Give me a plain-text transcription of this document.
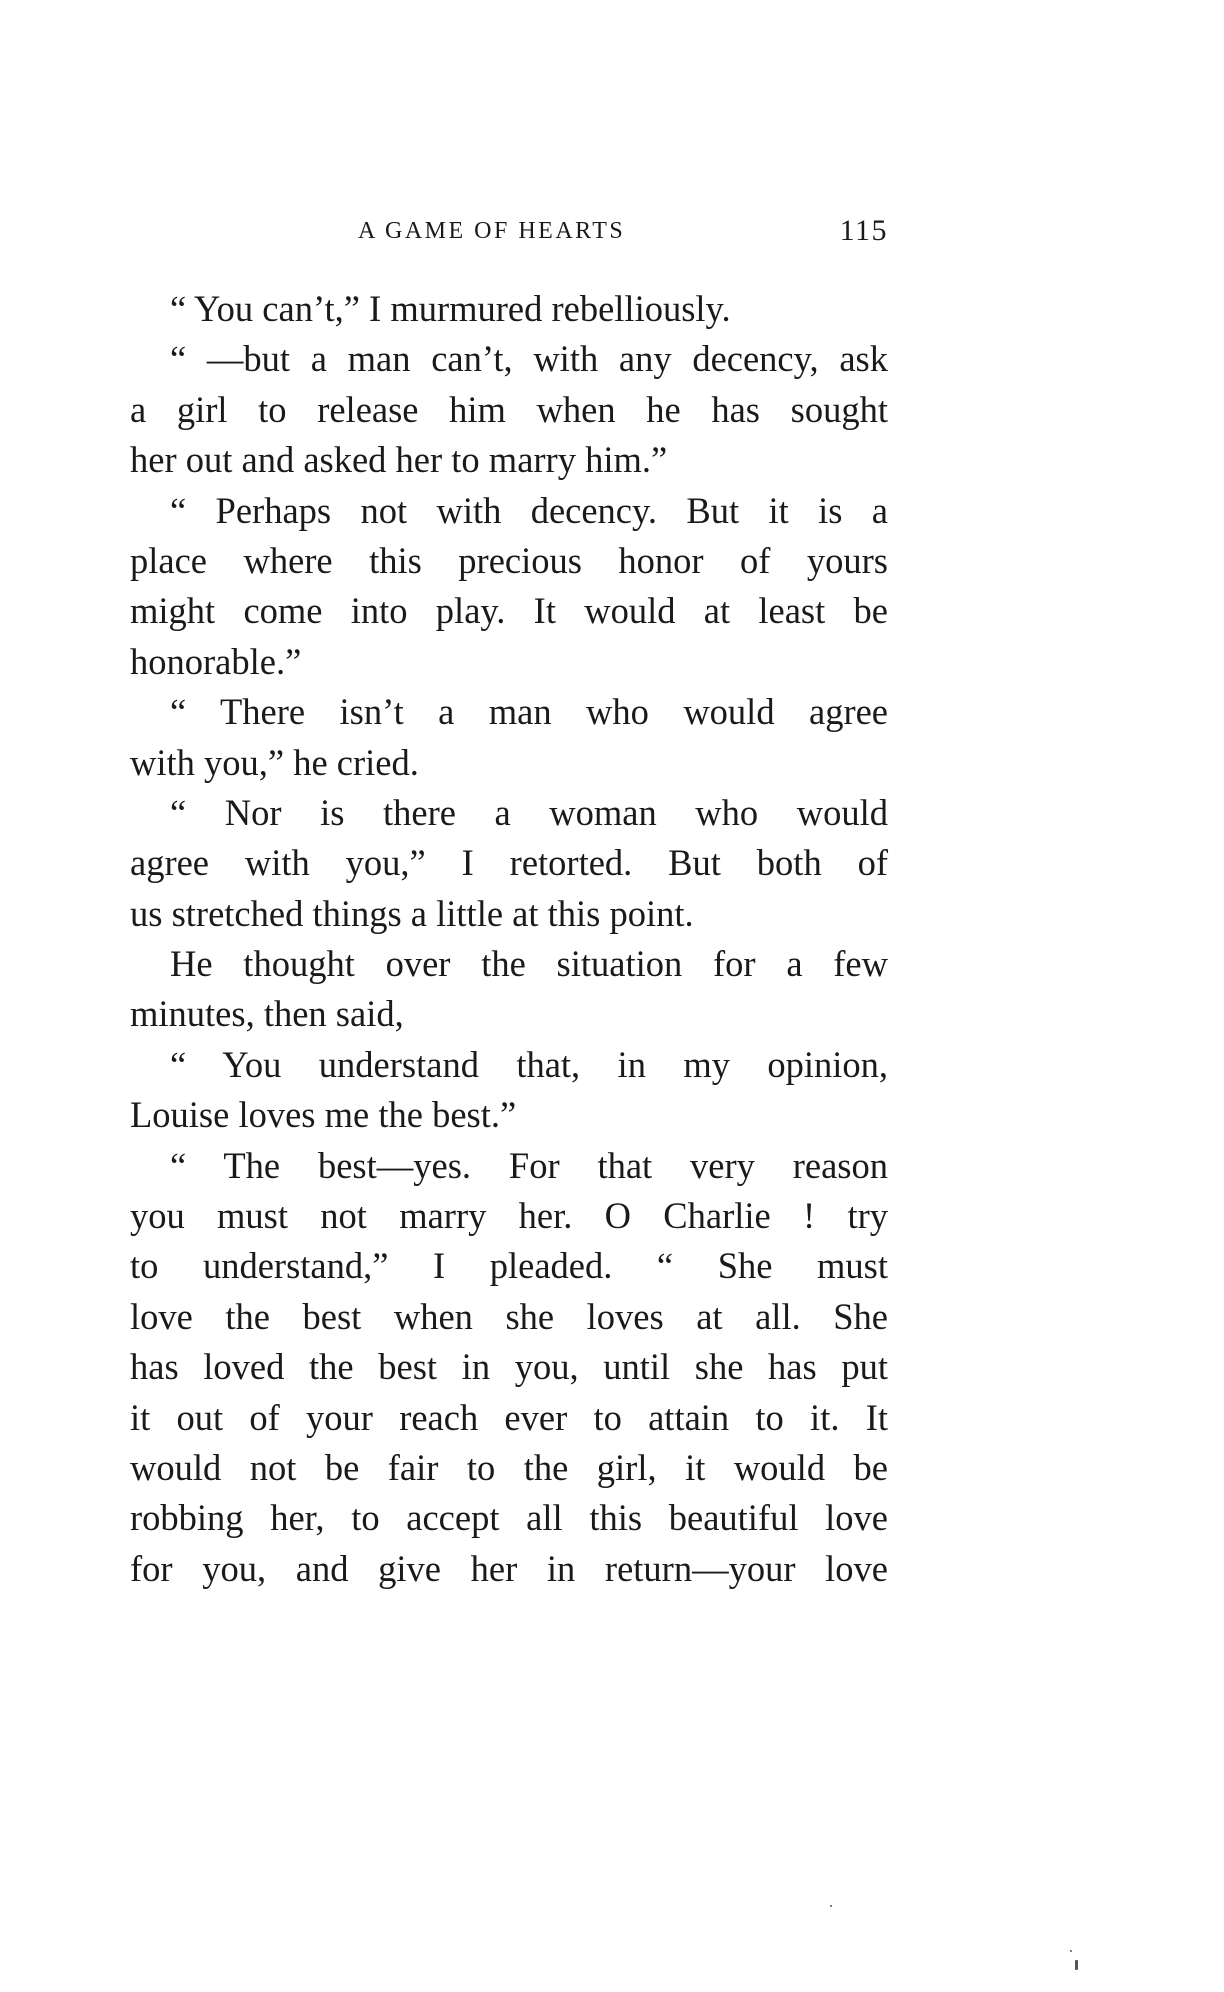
A GAME OF HEARTS	115
“ You can’t,” I murmured rebelliously.
“ —but a man can’t, with any decency, ask
a girl to release him when he has sought
her out and asked her to marry him.”
“ Perhaps not with decency. But it is a
place where this precious honor of yours
might come into play. It would at least be
honorable.”
“ There isn’t a man who would agree
with you,” he cried.
“ Nor is there a woman who would
agree with you,” I retorted. But both of
us stretched things a little at this point.
He thought over the situation for a few
minutes, then said,
“ You understand that, in my opinion,
Louise loves me the best.”
“ The best—yes. For that very reason
you must not marry her. O Charlie ! try
to understand,” I pleaded. “ She must
love the best when she loves at all. She
has loved the best in you, until she has put
it out of your reach ever to attain to it. It
would not be fair to the girl, it would be
robbing her, to accept all this beautiful love
for you, and give her in return—your love
